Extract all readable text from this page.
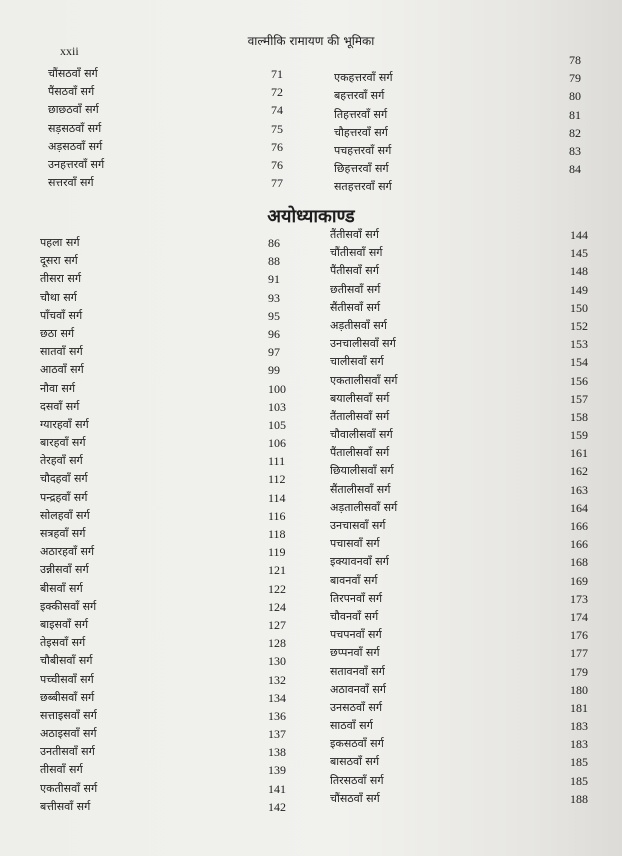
xxii
वाल्मीकि रामायण की भूमिका
चौंसठवाँ सर्ग	71
पैंसठवाँ सर्ग	72
छाछठवाँ सर्ग	74
सड़सठवाँ सर्ग	75
अड़सठवाँ सर्ग	76
उनहत्तरवाँ सर्ग	76
सत्तरवाँ सर्ग	77
78
एकहत्तरवाँ सर्ग	79
बहत्तरवाँ सर्ग	80
तिहत्तरवाँ सर्ग	81
चौहत्तरवाँ सर्ग	82
पचहत्तरवाँ सर्ग	83
छिहत्तरवाँ सर्ग	84
सतहत्तरवाँ सर्ग
अयोध्याकाण्ड
पहला सर्ग	86
दूसरा सर्ग	88
तीसरा सर्ग	91
चौथा सर्ग	93
पाँचवाँ सर्ग	95
छठा सर्ग	96
सातवाँ सर्ग	97
आठवाँ सर्ग	99
नौवा सर्ग	100
दसवाँ सर्ग	103
ग्यारहवाँ सर्ग	105
बारहवाँ सर्ग	106
तेरहवाँ सर्ग	111
चौदहवाँ सर्ग	112
पन्द्रहवाँ सर्ग	114
सोलहवाँ सर्ग	116
सत्रहवाँ सर्ग	118
अठारहवाँ सर्ग	119
उन्नीसवाँ सर्ग	121
बीसवाँ सर्ग	122
इक्कीसवाँ सर्ग	124
बाइसवाँ सर्ग	127
तेइसवाँ सर्ग	128
चौबीसवाँ सर्ग	130
पच्चीसवाँ सर्ग	132
छब्बीसवाँ सर्ग	134
सत्ताइसवाँ सर्ग	136
अठाइसवाँ सर्ग	137
उनतीसवाँ सर्ग	138
तीसवाँ सर्ग	139
एकतीसवाँ सर्ग	141
बत्तीसवाँ सर्ग	142
तैंतीसवाँ सर्ग	144
चौंतीसवाँ सर्ग	145
पैंतीसवाँ सर्ग	148
छतीसवाँ सर्ग	149
सैंतीसवाँ सर्ग	150
अड़तीसवाँ सर्ग	152
उनचालीसवाँ सर्ग	153
चालीसवाँ सर्ग	154
एकतालीसवाँ सर्ग	156
बयालीसवाँ सर्ग	157
तैंतालीसवाँ सर्ग	158
चौवालीसवाँ सर्ग	159
पैंतालीसवाँ सर्ग	161
छियालीसवाँ सर्ग	162
सैंतालीसवाँ सर्ग	163
अड़तालीसवाँ सर्ग	164
उनचासवाँ सर्ग	166
पचासवाँ सर्ग	166
इक्यावनवाँ सर्ग	168
बावनवाँ सर्ग	169
तिरपनवाँ सर्ग	173
चौवनवाँ सर्ग	174
पचपनवाँ सर्ग	176
छप्पनवाँ सर्ग	177
सतावनवाँ सर्ग	179
अठावनवाँ सर्ग	180
उनसठवाँ सर्ग	181
साठवाँ सर्ग	183
इकसठवाँ सर्ग	183
बासठवाँ सर्ग	185
तिरसठवाँ सर्ग	185
चौंसठवाँ सर्ग	188
